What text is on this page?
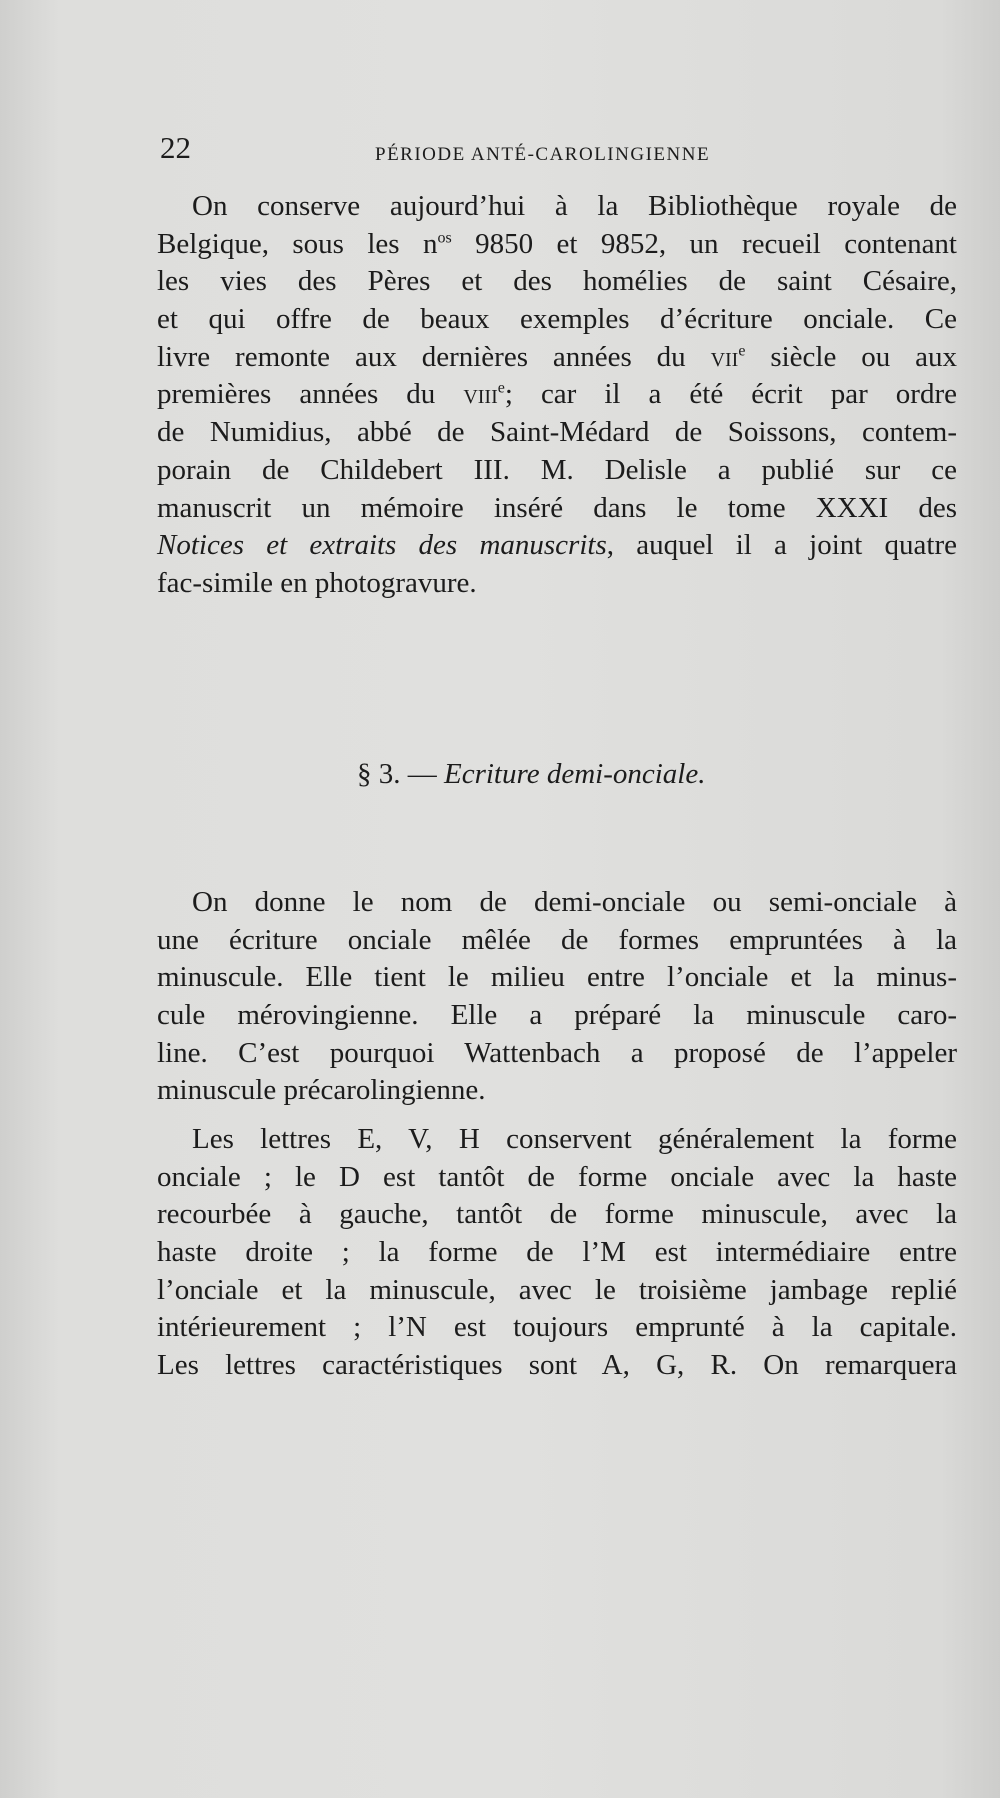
22	PÉRIODE ANTÉ-CAROLINGIENNE
On conserve aujourd’hui à la Bibliothèque royale de
Belgique, sous les $n^{os}$ 9850 et 9852, un recueil contenant
les vies des Pères et des homélies de saint Césaire,
et qui offre de beaux exemples d’écriture onciale. Ce
livre remonte aux dernières années du vii$^e$ siècle ou aux
premières années du viii$^e$; car il a été écrit par ordre
de Numidius, abbé de Saint-Médard de Soissons, contem-
porain de Childebert III. M. Delisle a publié sur ce
manuscrit un mémoire inséré dans le tome XXXI des
Notices et extraits des manuscrits, auquel il a joint quatre
fac-simile en photogravure.
§ 3. — Ecriture demi-onciale.
On donne le nom de demi-onciale ou semi-onciale à
une écriture onciale mêlée de formes empruntées à la
minuscule. Elle tient le milieu entre l’onciale et la minus-
cule mérovingienne. Elle a préparé la minuscule caro-
line. C’est pourquoi Wattenbach a proposé de l’appeler
minuscule précarolingienne.
Les lettres E, V, H conservent généralement la forme
onciale ; le D est tantôt de forme onciale avec la haste
recourbée à gauche, tantôt de forme minuscule, avec la
haste droite ; la forme de l’M est intermédiaire entre
l’onciale et la minuscule, avec le troisième jambage replié
intérieurement ; l’N est toujours emprunté à la capitale.
Les lettres caractéristiques sont A, G, R. On remarquera
